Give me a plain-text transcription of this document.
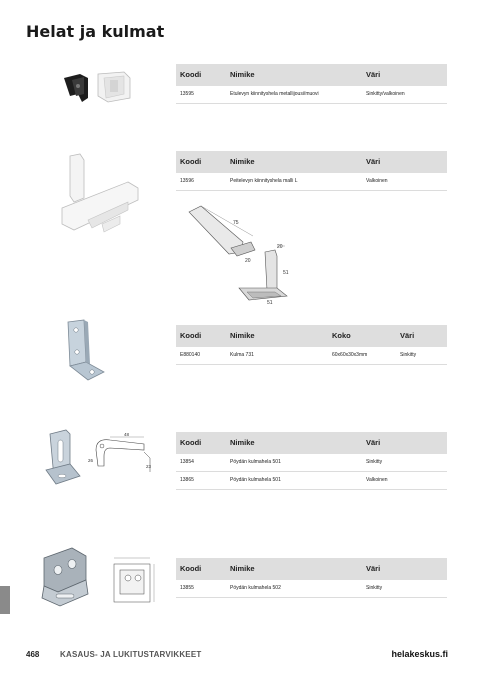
Helat ja kulmat
75
20
20
51
51
48
23
26
Koodi	Nimike	Väri
13595	Etulevyn kiinnityshela metallijousi/muovi	Sinkitty/valkoinen
Koodi	Nimike	Väri
13596	Peitelevyn kiinnityshela malli L	Valkoinen
Koodi	Nimike	Koko	Väri
E880140	Kulma 731	60x60x30x3mm	Sinkitty
Koodi	Nimike	Väri
13854	Pöydän kulmahela 501	Sinkitty
13865	Pöydän kulmahela 501	Valkoinen
Koodi	Nimike	Väri
13855	Pöydän kulmahela 502	Sinkitty
468	KASAUS- JA LUKITUSTARVIKKEET	helakeskus.fi
